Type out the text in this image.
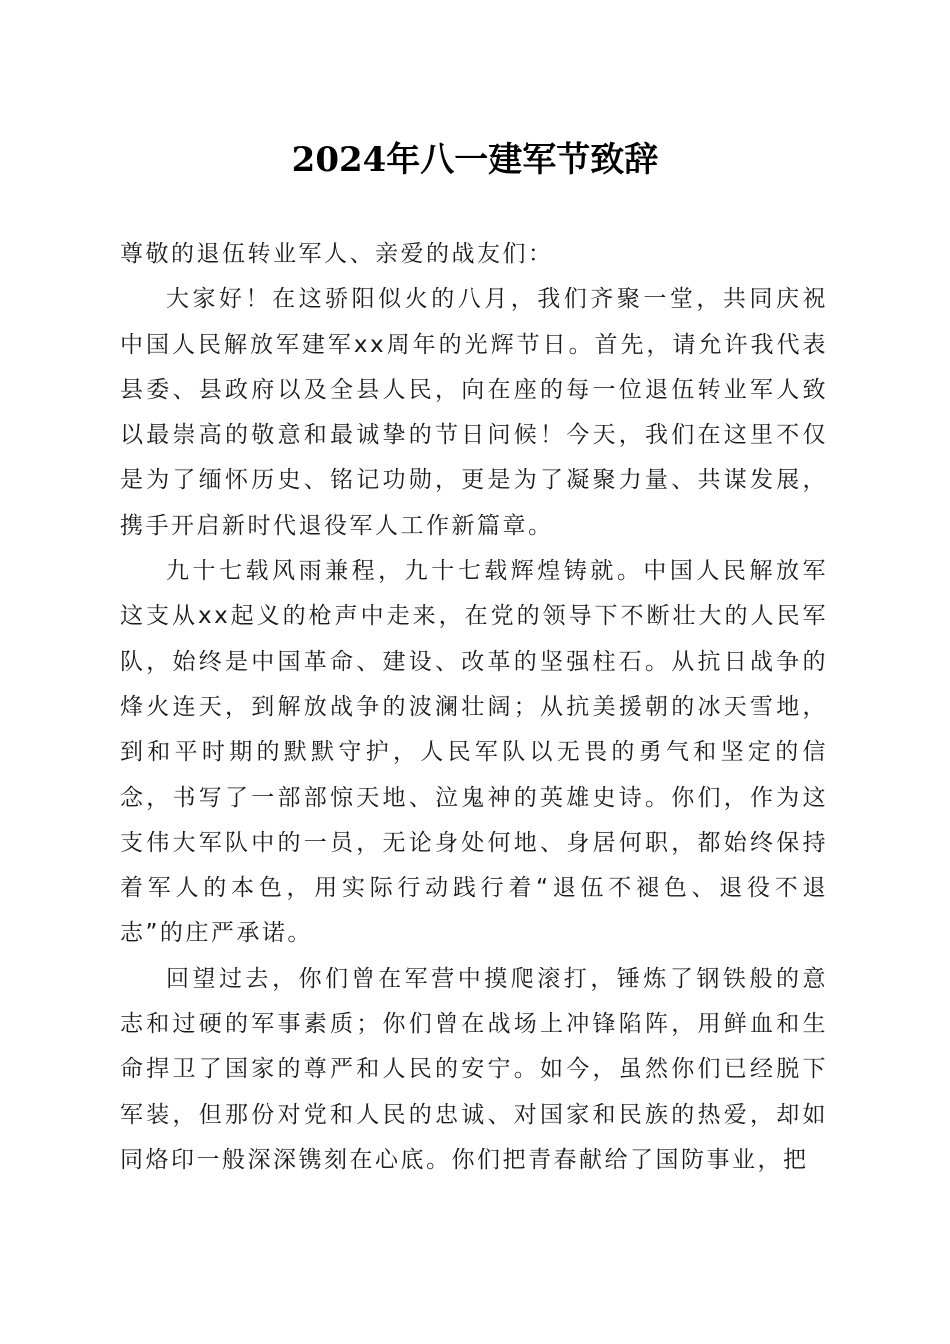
2024年八一建军节致辞

尊敬的退伍转业军人、亲爱的战友们：

大家好！在这骄阳似火的八月，我们齐聚一堂，共同庆祝中国人民解放军建军xx周年的光辉节日。首先，请允许我代表县委、县政府以及全县人民，向在座的每一位退伍转业军人致以最崇高的敬意和最诚挚的节日问候！今天，我们在这里不仅是为了缅怀历史、铭记功勋，更是为了凝聚力量、共谋发展，携手开启新时代退役军人工作新篇章。

九十七载风雨兼程，九十七载辉煌铸就。中国人民解放军这支从xx起义的枪声中走来，在党的领导下不断壮大的人民军队，始终是中国革命、建设、改革的坚强柱石。从抗日战争的烽火连天，到解放战争的波澜壮阔；从抗美援朝的冰天雪地，到和平时期的默默守护，人民军队以无畏的勇气和坚定的信念，书写了一部部惊天地、泣鬼神的英雄史诗。你们，作为这支伟大军队中的一员，无论身处何地、身居何职，都始终保持着军人的本色，用实际行动践行着“退伍不褪色、退役不退志”的庄严承诺。

回望过去，你们曾在军营中摸爬滚打，锤炼了钢铁般的意志和过硬的军事素质；你们曾在战场上冲锋陷阵，用鲜血和生命捍卫了国家的尊严和人民的安宁。如今，虽然你们已经脱下军装，但那份对党和人民的忠诚、对国家和民族的热爱，却如同烙印一般深深镌刻在心底。你们把青春献给了国防事业，把
